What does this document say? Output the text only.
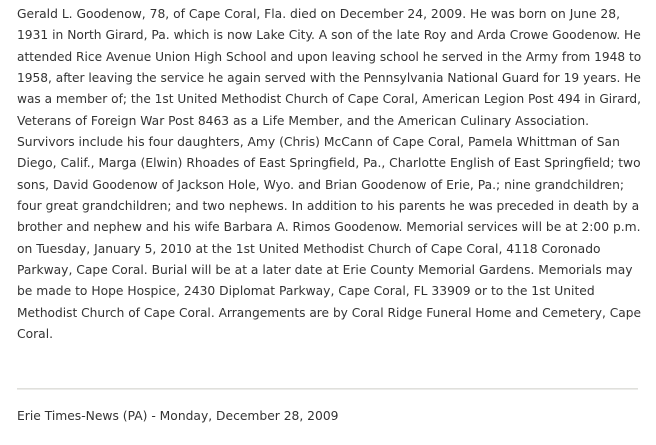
Gerald L. Goodenow, 78, of Cape Coral, Fla. died on December 24, 2009. He was born on June 28,
1931 in North Girard, Pa. which is now Lake City. A son of the late Roy and Arda Crowe Goodenow. He
attended Rice Avenue Union High School and upon leaving school he served in the Army from 1948 to
1958, after leaving the service he again served with the Pennsylvania National Guard for 19 years. He
was a member of; the 1st United Methodist Church of Cape Coral, American Legion Post 494 in Girard,
Veterans of Foreign War Post 8463 as a Life Member, and the American Culinary Association.
Survivors include his four daughters, Amy (Chris) McCann of Cape Coral, Pamela Whittman of San
Diego, Calif., Marga (Elwin) Rhoades of East Springfield, Pa., Charlotte English of East Springfield; two
sons, David Goodenow of Jackson Hole, Wyo. and Brian Goodenow of Erie, Pa.; nine grandchildren;
four great grandchildren; and two nephews. In addition to his parents he was preceded in death by a
brother and nephew and his wife Barbara A. Rimos Goodenow. Memorial services will be at 2:00 p.m.
on Tuesday, January 5, 2010 at the 1st United Methodist Church of Cape Coral, 4118 Coronado
Parkway, Cape Coral. Burial will be at a later date at Erie County Memorial Gardens. Memorials may
be made to Hope Hospice, 2430 Diplomat Parkway, Cape Coral, FL 33909 or to the 1st United
Methodist Church of Cape Coral. Arrangements are by Coral Ridge Funeral Home and Cemetery, Cape
Coral.

Erie Times-News (PA) - Monday, December 28, 2009
